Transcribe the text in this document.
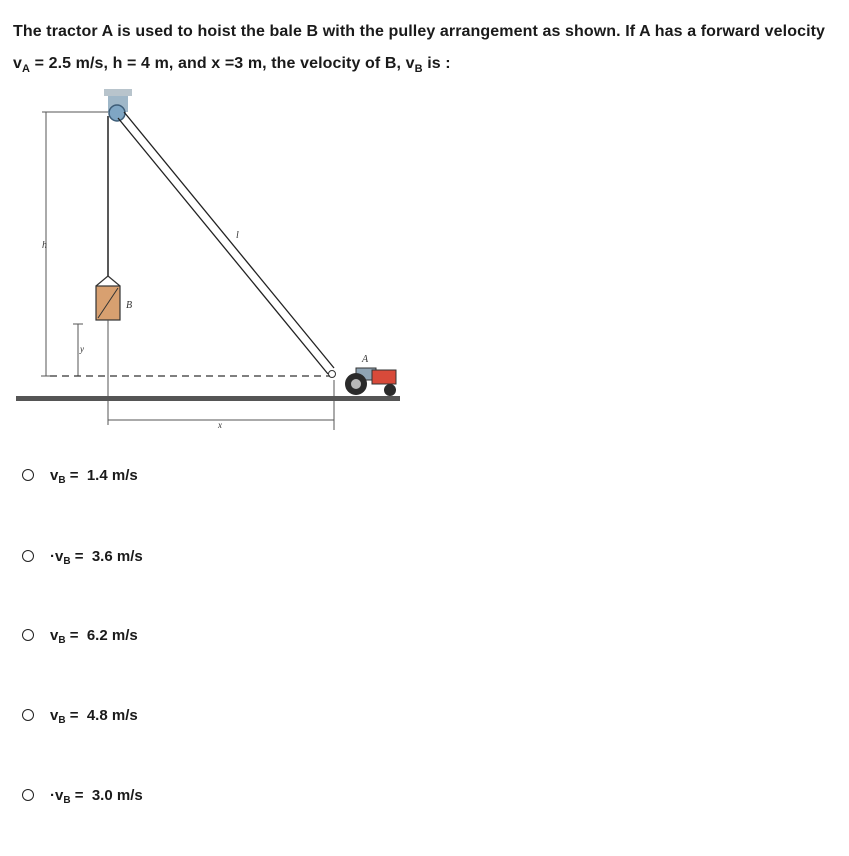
The tractor A is used to hoist the bale B with the pulley arrangement as shown. If A has a forward velocity $v_A = 2.5$ m/s, h = 4 m, and x =3 m, the velocity of B, $v_B$ is :
h
B
y
l
x
A
$v_B = 1.4$ m/s
$\cdot v_B = 3.6$ m/s
$v_B = 6.2$ m/s
$v_B = 4.8$ m/s
$\cdot v_B = 3.0$ m/s
